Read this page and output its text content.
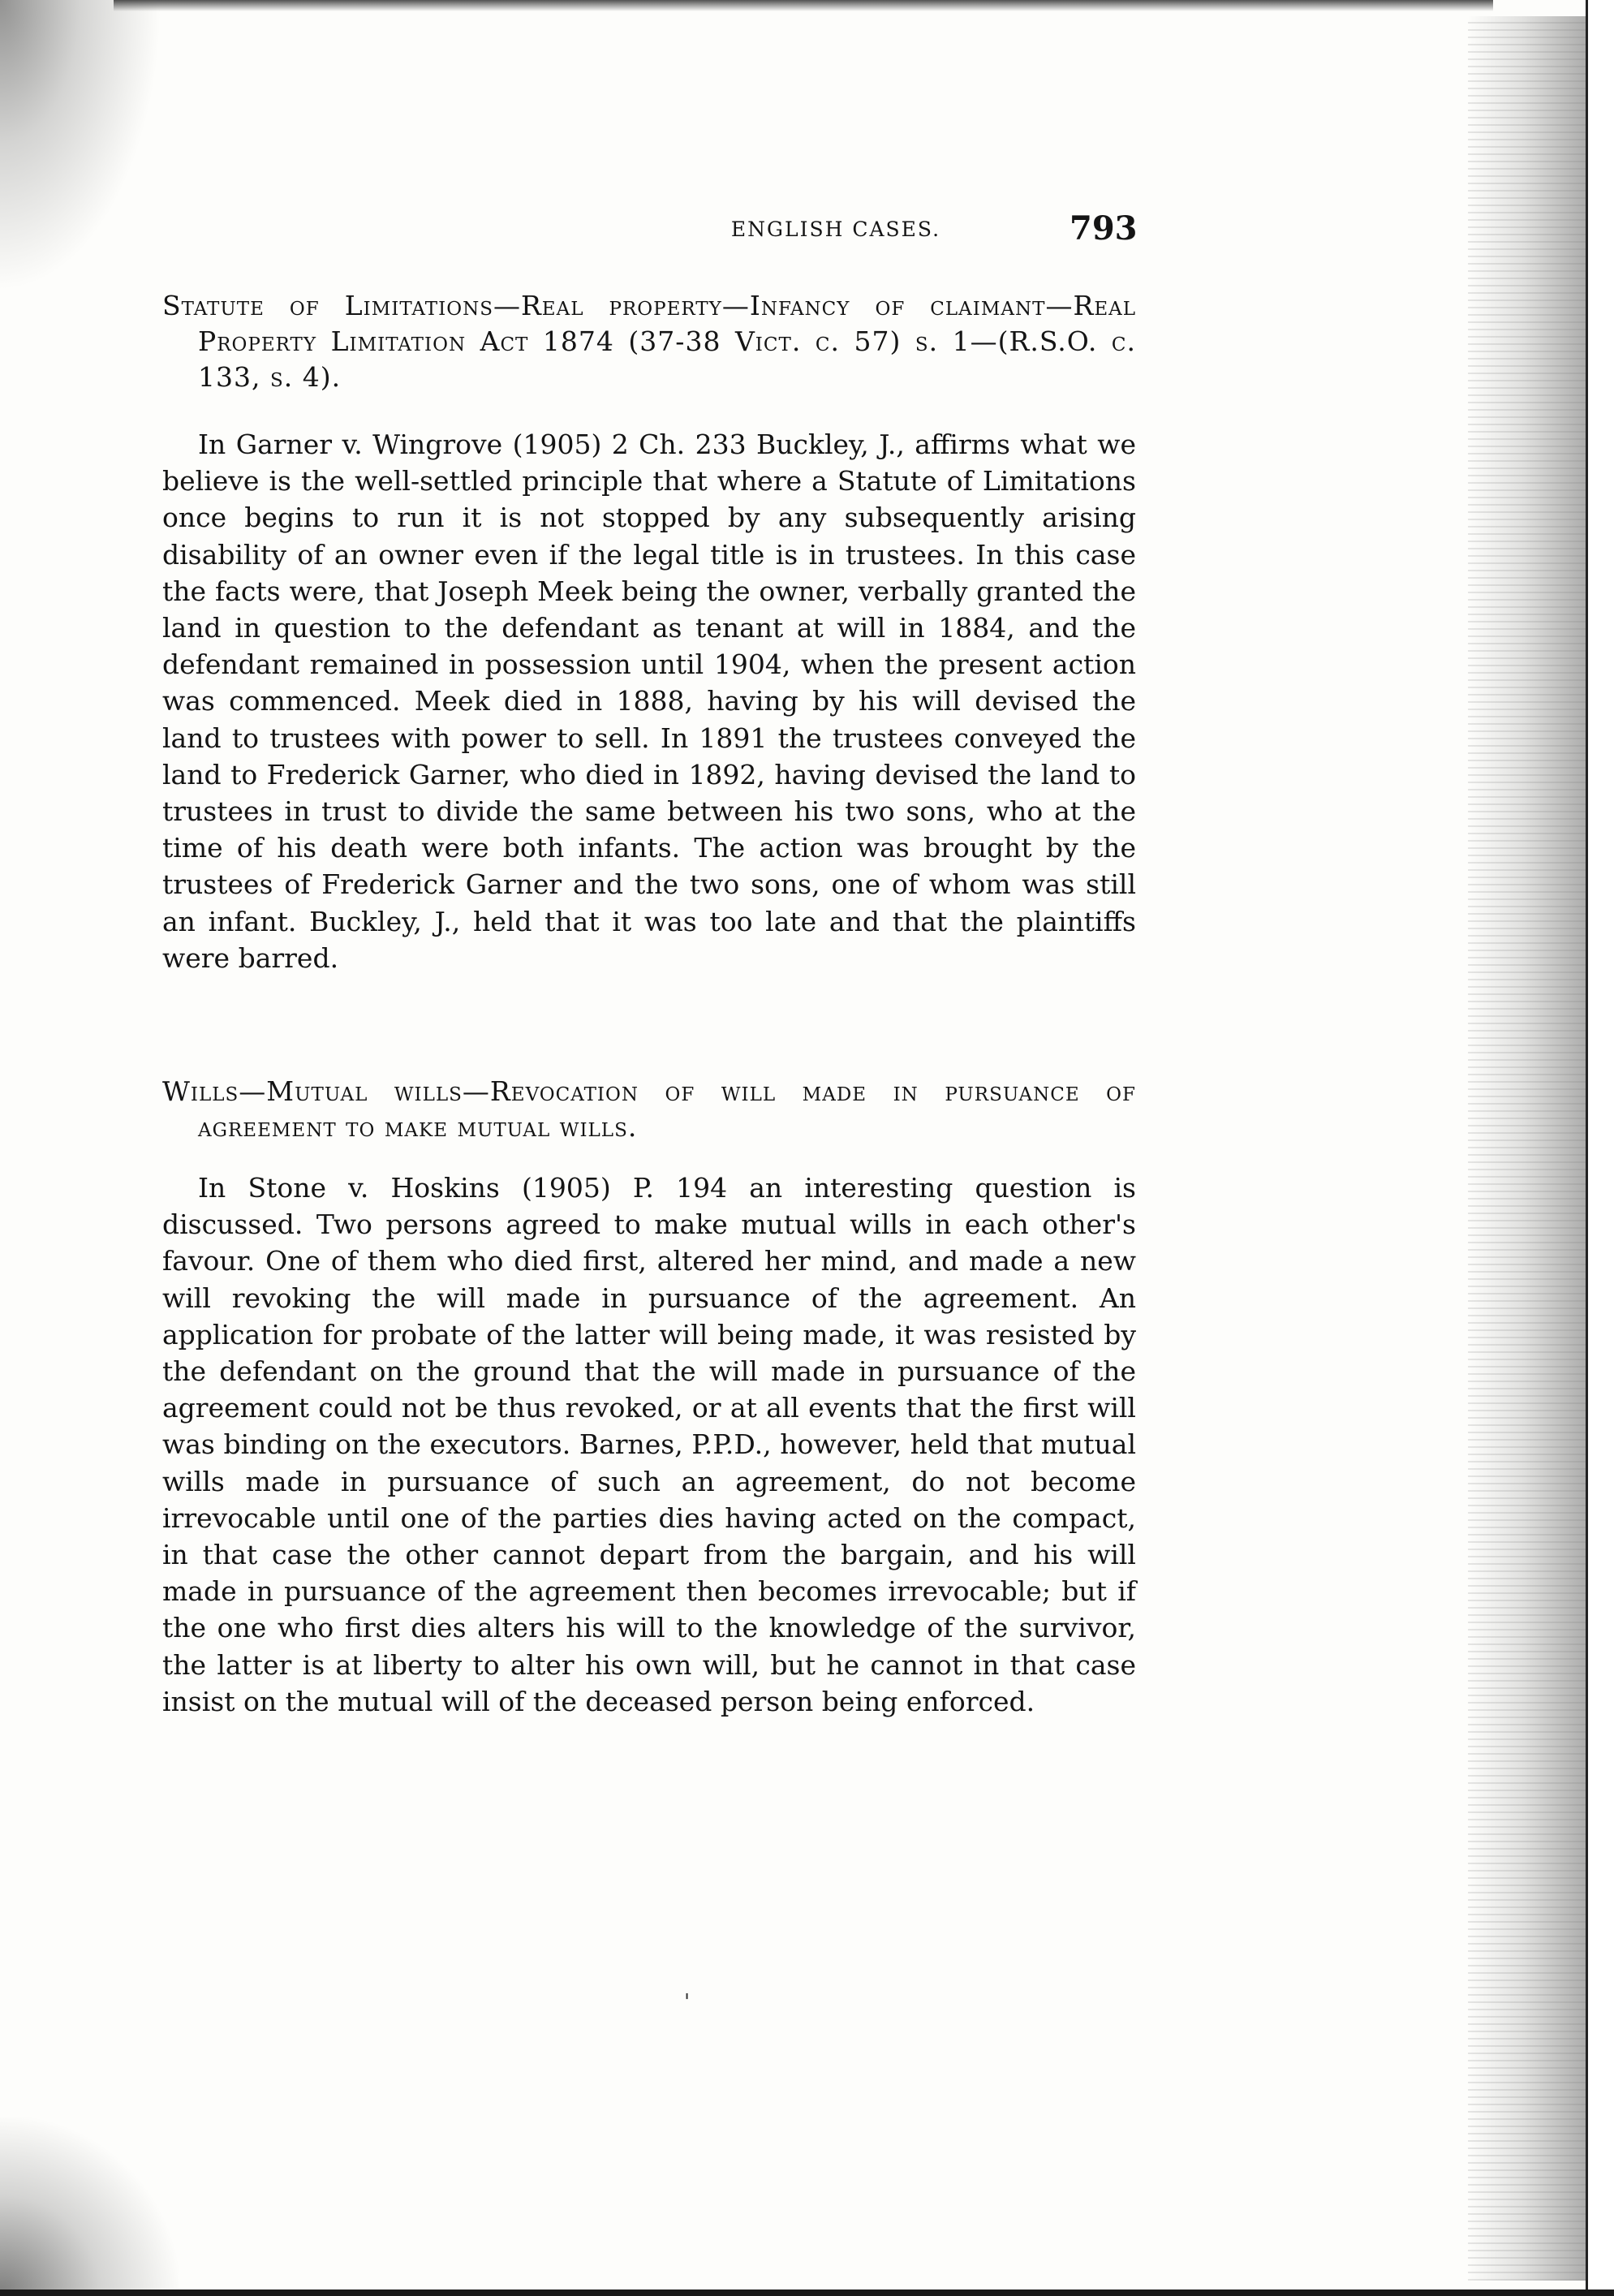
ENGLISH CASES.	793

Statute of Limitations—Real property—Infancy of claimant—Real Property Limitation Act 1874 (37-38 Vict. c. 57) s. 1—(R.S.O. c. 133, s. 4).

In Garner v. Wingrove (1905) 2 Ch. 233 Buckley, J., affirms what we believe is the well-settled principle that where a Statute of Limitations once begins to run it is not stopped by any subsequently arising disability of an owner even if the legal title is in trustees. In this case the facts were, that Joseph Meek being the owner, verbally granted the land in question to the defendant as tenant at will in 1884, and the defendant remained in possession until 1904, when the present action was commenced. Meek died in 1888, having by his will devised the land to trustees with power to sell. In 1891 the trustees conveyed the land to Frederick Garner, who died in 1892, having devised the land to trustees in trust to divide the same between his two sons, who at the time of his death were both infants. The action was brought by the trustees of Frederick Garner and the two sons, one of whom was still an infant. Buckley, J., held that it was too late and that the plaintiffs were barred.

Wills—Mutual wills—Revocation of will made in pursuance of agreement to make mutual wills.

In Stone v. Hoskins (1905) P. 194 an interesting question is discussed. Two persons agreed to make mutual wills in each other's favour. One of them who died first, altered her mind, and made a new will revoking the will made in pursuance of the agreement. An application for probate of the latter will being made, it was resisted by the defendant on the ground that the will made in pursuance of the agreement could not be thus revoked, or at all events that the first will was binding on the executors. Barnes, P.P.D., however, held that mutual wills made in pursuance of such an agreement, do not become irrevocable until one of the parties dies having acted on the compact, in that case the other cannot depart from the bargain, and his will made in pursuance of the agreement then becomes irrevocable; but if the one who first dies alters his will to the knowledge of the survivor, the latter is at liberty to alter his own will, but he cannot in that case insist on the mutual will of the deceased person being enforced.

'
